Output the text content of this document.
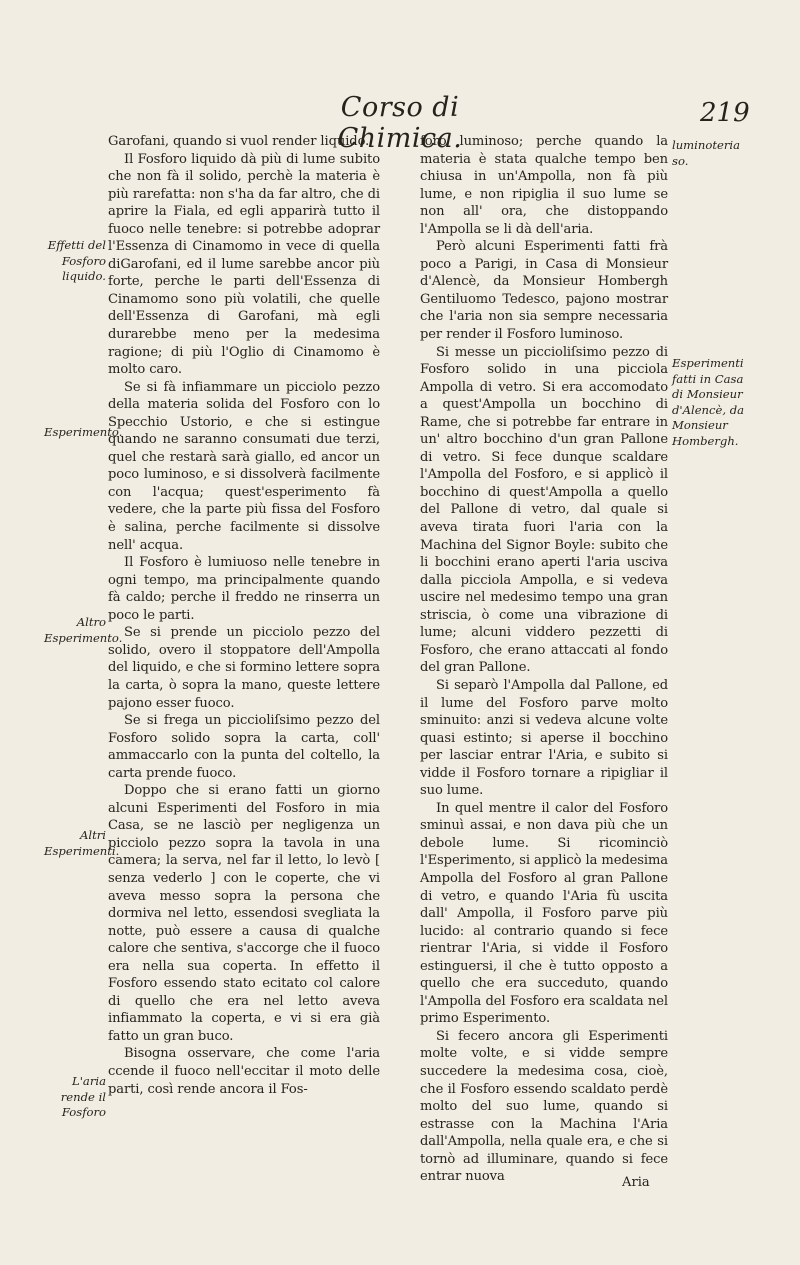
Corso di Chimica.
219

Garofani, quando si vuol render liquido.

Il Fosforo liquido dà più di lume subito che non fà il solido, perchè la materia è più rarefatta: non s'ha da far altro, che di aprire la Fiala, ed egli apparirà tutto il fuoco nelle tenebre: si potrebbe adoprar l'Essenza di Cinamomo in vece di quella diGarofani, ed il lume sarebbe ancor più forte, perche le parti dell'Essenza di Cinamomo sono più volatili, che quelle dell'Essenza di Garofani, mà egli durarebbe meno per la medesima ragione; di più l'Oglio di Cinamomo è molto caro.

Se si fà infiammare un picciolo pezzo della materia solida del Fosforo con lo Specchio Ustorio, e che si estingue quando ne saranno consumati due terzi, quel che restarà sarà giallo, ed ancor un poco luminoso, e si dissolverà facilmente con l'acqua; quest'esperimento fà vedere, che la parte più fissa del Fosforo è salina, perche facilmente si dissolve nell' acqua.

Il Fosforo è lumiuoso nelle tenebre in ogni tempo, ma principalmente quando fà caldo; perche il freddo ne rinserra un poco le parti.

Se si prende un picciolo pezzo del solido, overo il stoppatore dell'Ampolla del liquido, e che si formino lettere sopra la carta, ò sopra la mano, queste lettere pajono esser fuoco.

Se si frega un piccioliſsimo pezzo del Fosforo solido sopra la carta, coll' ammaccarlo con la punta del coltello, la carta prende fuoco.

Doppo che si erano fatti un giorno alcuni Esperimenti del Fosforo in mia Casa, se ne lasciò per negligenza un picciolo pezzo sopra la tavola in una camera; la serva, nel far il letto, lo levò [ senza vederlo ] con le coperte, che vi aveva messo sopra la persona che dormiva nel letto, essendosi svegliata la notte, può essere a causa di qualche calore che sentiva, s'accorge che il fuoco era nella sua coperta. In effetto il Fosforo essendo stato ecitato col calore di quello che era nel letto aveva infiammato la coperta, e vi si era già fatto un gran buco.

Bisogna osservare, che come l'aria ccende il fuoco nell'eccitar il moto delle parti, così rende ancora il Fos-

foro luminoso; perche quando la materia è stata qualche tempo ben chiusa in un'Ampolla, non fà più lume, e non ripiglia il suo lume se non all' ora, che distoppando l'Ampolla se li dà dell'aria.

Però alcuni Esperimenti fatti frà poco a Parigi, in Casa di Monsieur d'Alencè, da Monsieur Hombergh Gentiluomo Tedesco, pajono mostrar che l'aria non sia sempre necessaria per render il Fosforo luminoso.

Si messe un piccioliſsimo pezzo di Fosforo solido in una picciola Ampolla di vetro. Si era accomodato a quest'Ampolla un bocchino di Rame, che si potrebbe far entrare in un' altro bocchino d'un gran Pallone di vetro. Si fece dunque scaldare l'Ampolla del Fosforo, e si applicò il bocchino di quest'Ampolla a quello del Pallone di vetro, dal quale si aveva tirata fuori l'aria con la Machina del Signor Boyle: subito che li bocchini erano aperti l'aria usciva dalla picciola Ampolla, e si vedeva uscire nel medesimo tempo una gran striscia, ò come una vibrazione di lume; alcuni viddero pezzetti di Fosforo, che erano attaccati al fondo del gran Pallone.

Si separò l'Ampolla dal Pallone, ed il lume del Fosforo parve molto sminuito: anzi si vedeva alcune volte quasi estinto; si aperse il bocchino per lasciar entrar l'Aria, e subito si vidde il Fosforo tornare a ripigliar il suo lume.

In quel mentre il calor del Fosforo sminuì assai, e non dava più che un debole lume. Si ricominciò l'Esperimento, si applicò la medesima Ampolla del Fosforo al gran Pallone di vetro, e quando l'Aria fù uscita dall' Ampolla, il Fosforo parve più lucido: al contrario quando si fece rientrar l'Aria, si vidde il Fosforo estinguersi, il che è tutto opposto a quello che era succeduto, quando l'Ampolla del Fosforo era scaldata nel primo Esperimento.

Si fecero ancora gli Esperimenti molte volte, e si vidde sempre succedere la medesima cosa, cioè, che il Fosforo essendo scaldato perdè molto del suo lume, quando si estrasse con la Machina l'Aria dall'Ampolla, nella quale era, e che si tornò ad illuminare, quando si fece entrar nuova	Aria
Effetti del Fosforo liquido.
Esperimento.
Altro Esperimento.
Altri Esperimenti.
L'aria rende il Fosforo
luminoteria so.
Esperimenti fatti in Casa di Monsieur d'Alencè, da Monsieur Hombergh.
